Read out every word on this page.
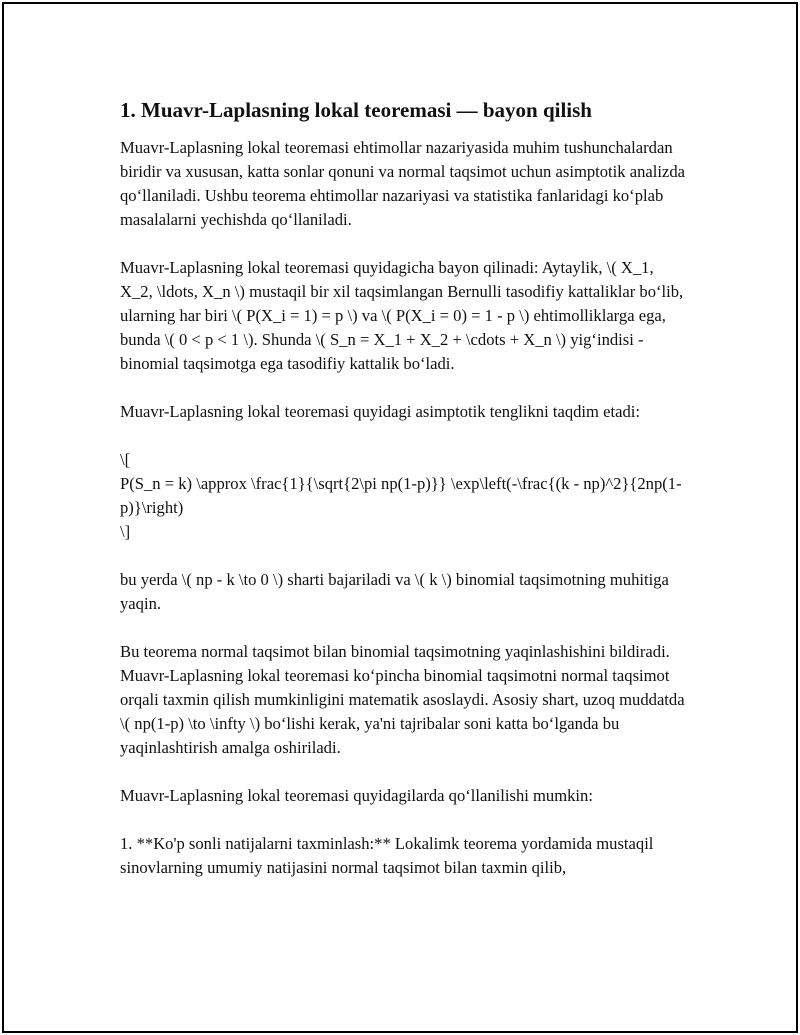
1. Muavr-Laplasning lokal teoremasi — bayon qilish

Muavr-Laplasning lokal teoremasi ehtimollar nazariyasida muhim tushunchalardan biridir va xususan, katta sonlar qonuni va normal taqsimot uchun asimptotik analizda qo‘llaniladi. Ushbu teorema ehtimollar nazariyasi va statistika fanlaridagi ko‘plab masalalarni yechishda qo‘llaniladi.

Muavr-Laplasning lokal teoremasi quyidagicha bayon qilinadi: Aytaylik, \( X_1, X_2, \ldots, X_n \) mustaqil bir xil taqsimlangan Bernulli tasodifiy kattaliklar bo‘lib, ularning har biri \( P(X_i = 1) = p \) va \( P(X_i = 0) = 1 - p \) ehtimolliklarga ega, bunda \( 0 < p < 1 \). Shunda \( S_n = X_1 + X_2 + \cdots + X_n \) yig‘indisi - binomial taqsimotga ega tasodifiy kattalik bo‘ladi.

Muavr-Laplasning lokal teoremasi quyidagi asimptotik tenglikni taqdim etadi:

\[
P(S_n = k) \approx \frac{1}{\sqrt{2\pi np(1-p)}} \exp\left(-\frac{(k - np)^2}{2np(1-p)}\right)
\]

bu yerda \( np - k \to 0 \) sharti bajariladi va \( k \) binomial taqsimotning muhitiga yaqin.

Bu teorema normal taqsimot bilan binomial taqsimotning yaqinlashishini bildiradi. Muavr-Laplasning lokal teoremasi ko‘pincha binomial taqsimotni normal taqsimot orqali taxmin qilish mumkinligini matematik asoslaydi. Asosiy shart, uzoq muddatda \( np(1-p) \to \infty \) bo‘lishi kerak, ya'ni tajribalar soni katta bo‘lganda bu yaqinlashtirish amalga oshiriladi.

Muavr-Laplasning lokal teoremasi quyidagilarda qo‘llanilishi mumkin:

1. **Ko'p sonli natijalarni taxminlash:** Lokalimk teorema yordamida mustaqil sinovlarning umumiy natijasini normal taqsimot bilan taxmin qilib,
